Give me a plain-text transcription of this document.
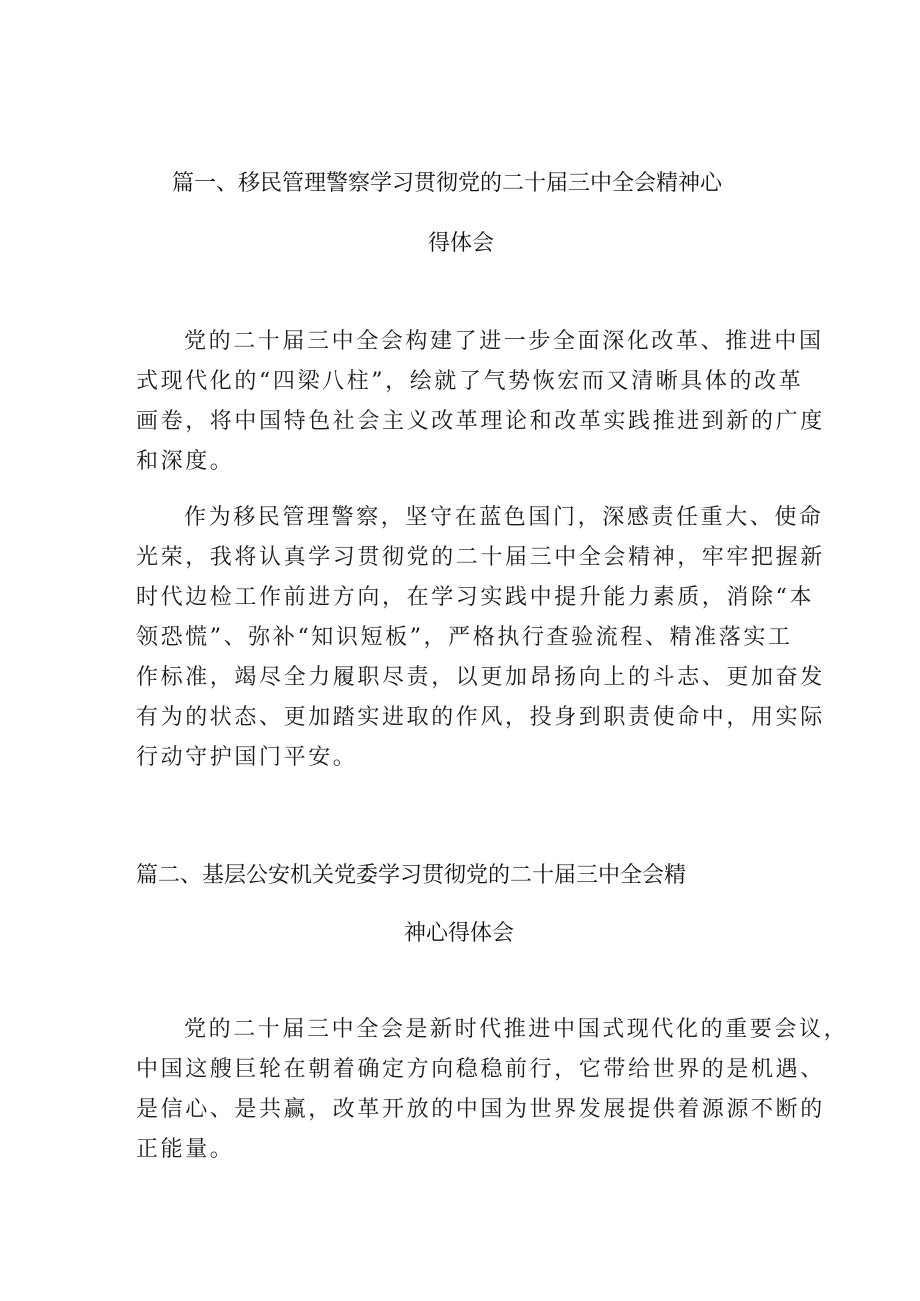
篇一、移民管理警察学习贯彻党的二十届三中全会精神心
得体会
党的二十届三中全会构建了进一步全面深化改革、推进中国
式现代化的“四梁八柱”，绘就了气势恢宏而又清晰具体的改革
画卷，将中国特色社会主义改革理论和改革实践推进到新的广度
和深度。
作为移民管理警察，坚守在蓝色国门，深感责任重大、使命
光荣，我将认真学习贯彻党的二十届三中全会精神，牢牢把握新
时代边检工作前进方向，在学习实践中提升能力素质，消除“本
领恐慌”、弥补“知识短板”，严格执行查验流程、精准落实工
作标准，竭尽全力履职尽责，以更加昂扬向上的斗志、更加奋发
有为的状态、更加踏实进取的作风，投身到职责使命中，用实际
行动守护国门平安。
篇二、基层公安机关党委学习贯彻党的二十届三中全会精
神心得体会
党的二十届三中全会是新时代推进中国式现代化的重要会议，
中国这艘巨轮在朝着确定方向稳稳前行，它带给世界的是机遇、
是信心、是共赢，改革开放的中国为世界发展提供着源源不断的
正能量。
